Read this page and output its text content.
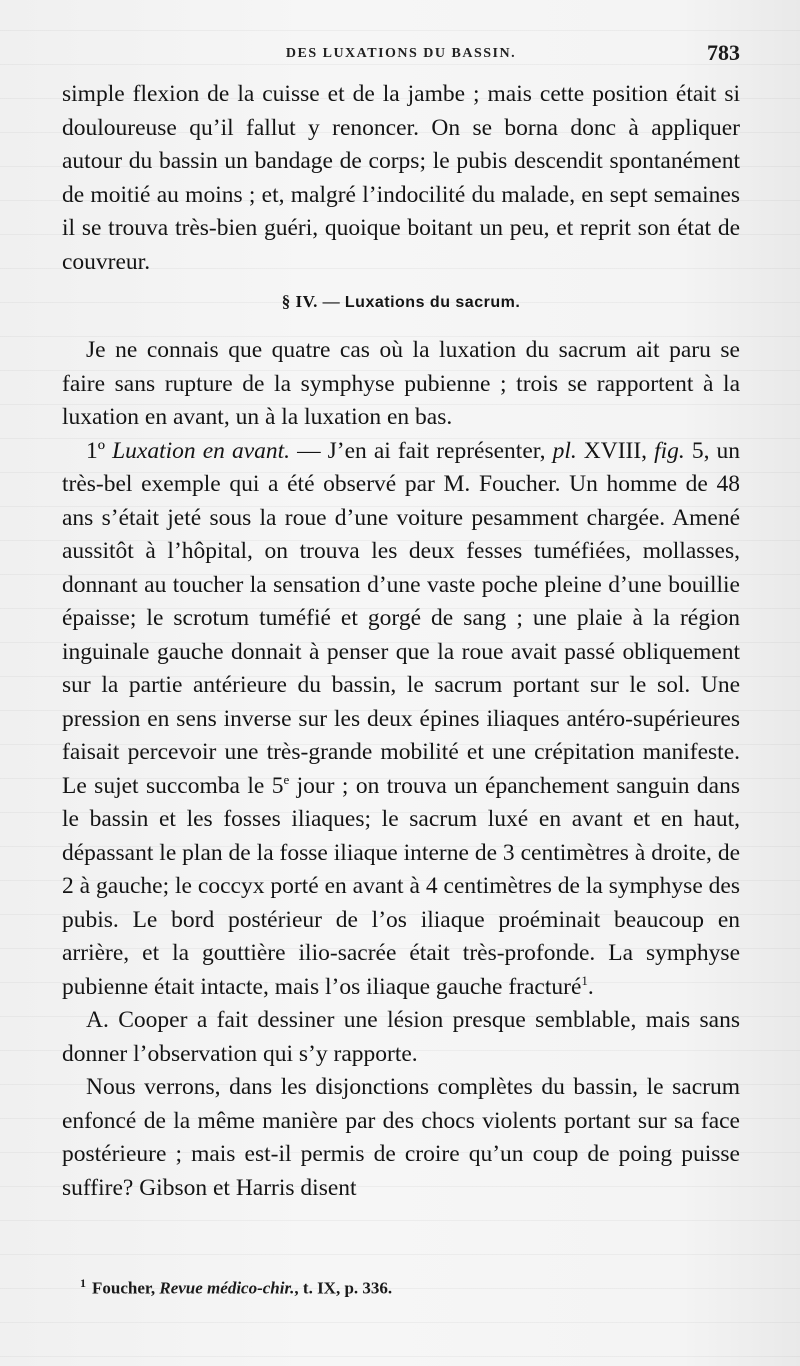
DES LUXATIONS DU BASSIN.	783

simple flexion de la cuisse et de la jambe ; mais cette position était si douloureuse qu’il fallut y renoncer. On se borna donc à appliquer autour du bassin un bandage de corps; le pubis descendit spontanément de moitié au moins ; et, malgré l’indocilité du malade, en sept semaines il se trouva très-bien guéri, quoique boitant un peu, et reprit son état de couvreur.

§ IV. — Luxations du sacrum.

Je ne connais que quatre cas où la luxation du sacrum ait paru se faire sans rupture de la symphyse pubienne ; trois se rapportent à la luxation en avant, un à la luxation en bas.

1º Luxation en avant. — J’en ai fait représenter, pl. XVIII, fig. 5, un très-bel exemple qui a été observé par M. Foucher. Un homme de 48 ans s’était jeté sous la roue d’une voiture pesamment chargée. Amené aussitôt à l’hôpital, on trouva les deux fesses tuméfiées, mollasses, donnant au toucher la sensation d’une vaste poche pleine d’une bouillie épaisse; le scrotum tuméfié et gorgé de sang ; une plaie à la région inguinale gauche donnait à penser que la roue avait passé obliquement sur la partie antérieure du bassin, le sacrum portant sur le sol. Une pression en sens inverse sur les deux épines iliaques antéro-supérieures faisait percevoir une très-grande mobilité et une crépitation manifeste. Le sujet succomba le 5e jour ; on trouva un épanchement sanguin dans le bassin et les fosses iliaques; le sacrum luxé en avant et en haut, dépassant le plan de la fosse iliaque interne de 3 centimètres à droite, de 2 à gauche; le coccyx porté en avant à 4 centimètres de la symphyse des pubis. Le bord postérieur de l’os iliaque proéminait beaucoup en arrière, et la gouttière ilio-sacrée était très-profonde. La symphyse pubienne était intacte, mais l’os iliaque gauche fracturé$^1$.

A. Cooper a fait dessiner une lésion presque semblable, mais sans donner l’observation qui s’y rapporte.

Nous verrons, dans les disjonctions complètes du bassin, le sacrum enfoncé de la même manière par des chocs violents portant sur sa face postérieure ; mais est-il permis de croire qu’un coup de poing puisse suffire? Gibson et Harris disent

$^1$ Foucher, Revue médico-chir., t. IX, p. 336.
